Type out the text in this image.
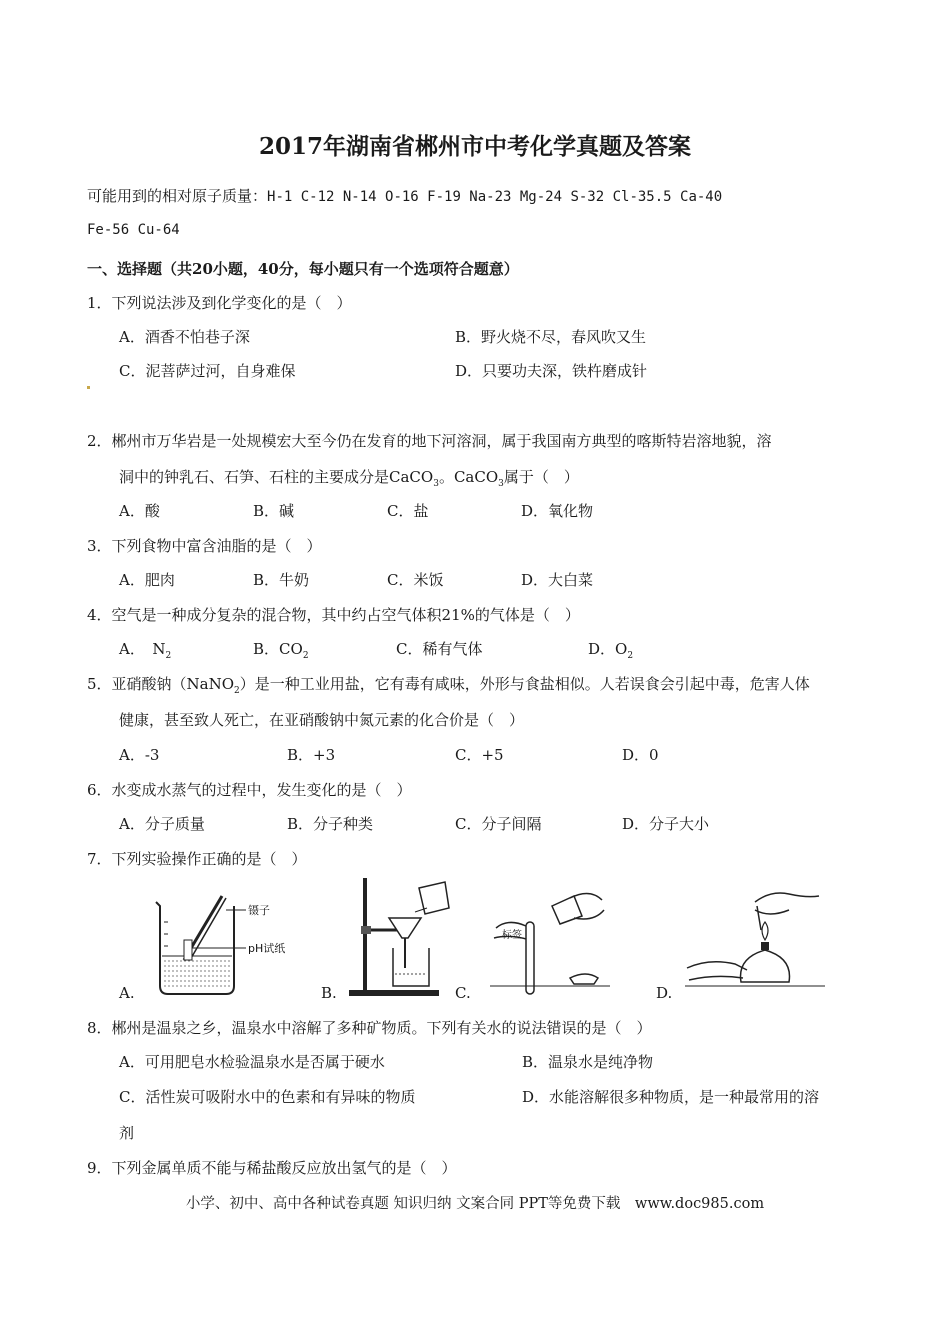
2017年湖南省郴州市中考化学真题及答案
可能用到的相对原子质量：H-1 C-12 N-14 O-16 F-19 Na-23 Mg-24 S-32 Cl-35.5 Ca-40
Fe-56 Cu-64
一、选择题（共20小题，40分，每小题只有一个选项符合题意）
1．下列说法涉及到化学变化的是（　）
A．酒香不怕巷子深	B．野火烧不尽，春风吹又生
C．泥菩萨过河，自身难保	D．只要功夫深，铁杵磨成针
2．郴州市万华岩是一处规模宏大至今仍在发育的地下河溶洞，属于我国南方典型的喀斯特岩溶地貌，溶
洞中的钟乳石、石笋、石柱的主要成分是CaCO$_3$。CaCO$_3$属于（　）
A．酸	B．碱	C．盐	D．氧化物
3．下列食物中富含油脂的是（　）
A．肥肉	B．牛奶	C．米饭	D．大白菜
4．空气是一种成分复杂的混合物，其中约占空气体积21%的气体是（　）
A．　$N_2$	B．$CO_2$	C．稀有气体	D．$O_2$
5．亚硝酸钠（NaNO$_2$）是一种工业用盐，它有毒有咸味，外形与食盐相似。人若误食会引起中毒，危害人体
健康，甚至致人死亡，在亚硝酸钠中氮元素的化合价是（　）
A．-3	B．+3	C．+5	D．0
6．水变成水蒸气的过程中，发生变化的是（　）
A．分子质量	B．分子种类	C．分子间隔	D．分子大小
7．下列实验操作正确的是（　）
镊子
pH试纸
A.	B.
标签
C.	D.
8．郴州是温泉之乡，温泉水中溶解了多种矿物质。下列有关水的说法错误的是（　）
A．可用肥皂水检验温泉水是否属于硬水	B．温泉水是纯净物
C．活性炭可吸附水中的色素和有异味的物质	D．水能溶解很多种物质，是一种最常用的溶
剂
9．下列金属单质不能与稀盐酸反应放出氢气的是（　）
小学、初中、高中各种试卷真题 知识归纳 文案合同 PPT等免费下载　www.doc985.com
